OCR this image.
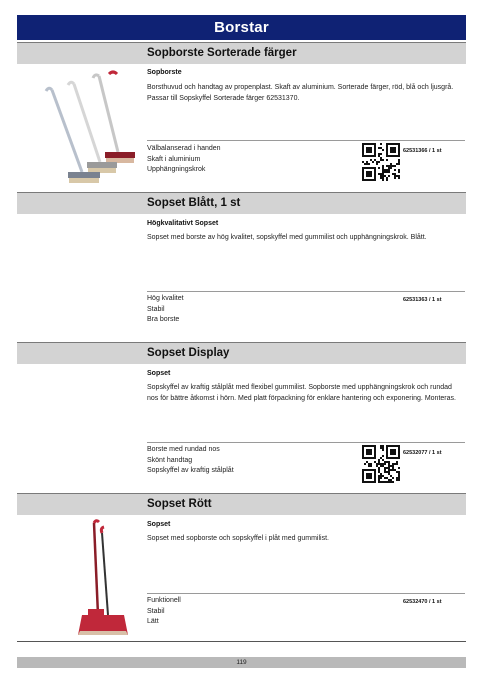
Borstar
Sopborste Sorterade färger
Sopborste
Borsthuvud och handtag av propenplast. Skaft av aluminium. Sorterade färger, röd, blå och ljusgrå. Passar till Sopskyffel Sorterade färger 62531370.
Välbalanserad i handen
Skaft i aluminium
Upphängningskrok
62531366 / 1 st
Sopset Blått, 1 st
Högkvalitativt Sopset
Sopset med borste av hög kvalitet, sopskyffel med gummilist och upphängningskrok. Blått.
Hög kvalitet
Stabil
Bra borste
62531363 / 1 st
Sopset Display
Sopset
Sopskyffel av kraftig stålplåt med flexibel gummilist. Sopborste med upphängningskrok och rundad nos för bättre åtkomst i hörn. Med platt förpackning för enklare hantering och exponering. Monteras.
Borste med rundad nos
Skönt handtag
Sopskyffel av kraftig stålplåt
62532077 / 1 st
Sopset Rött
Sopset
Sopset med sopborste och sopskyffel i plåt med gummilist.
Funktionell
Stabil
Lätt
62532470 / 1 st
119
